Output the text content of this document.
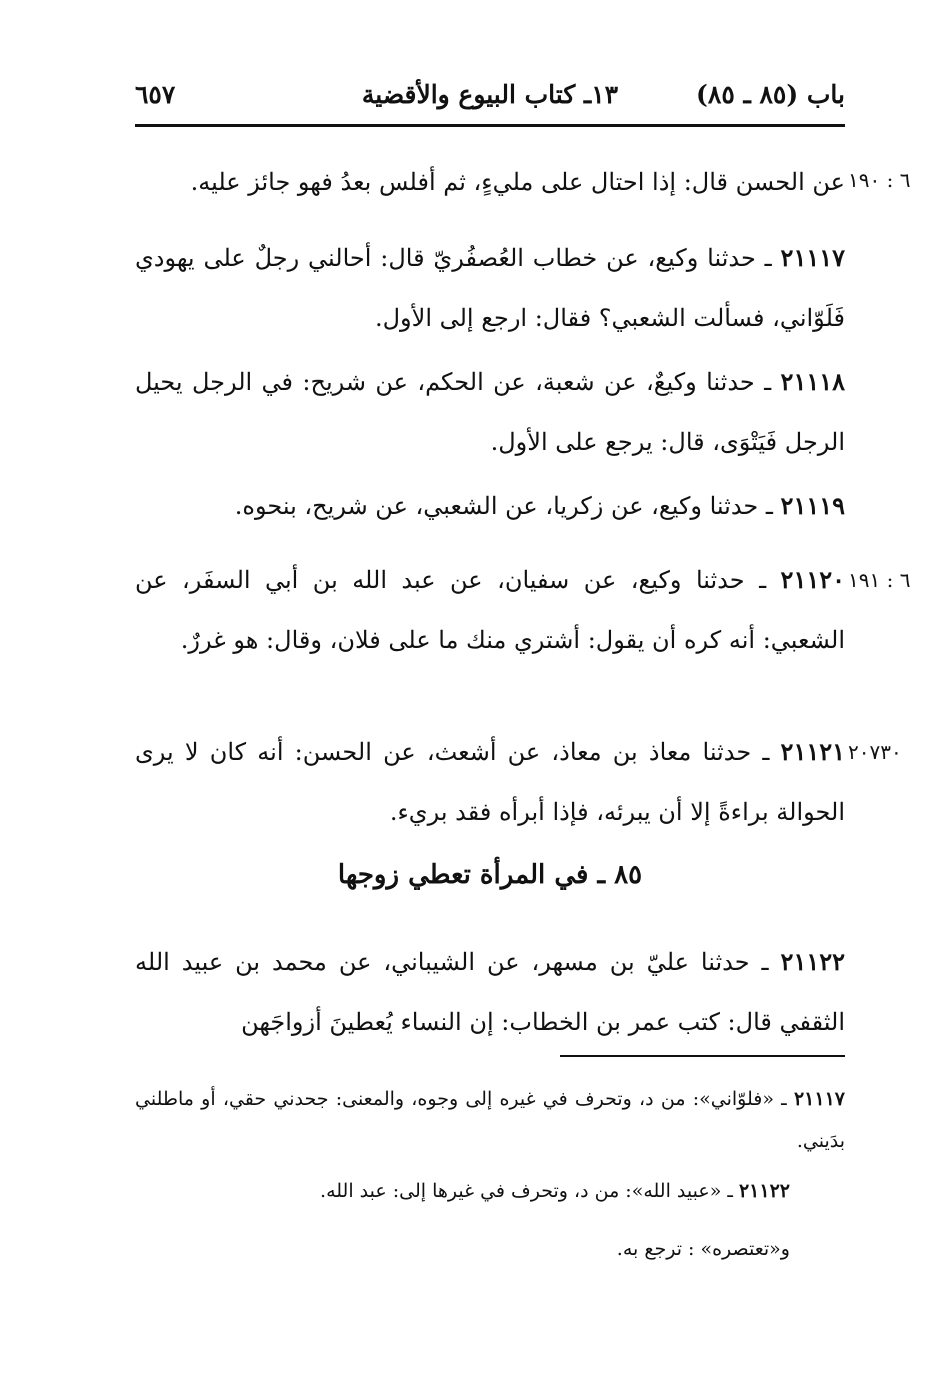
باب (٨٥ ـ ٨٥)
١٣ـ كتاب البيوع والأقضية
٦٥٧
٦ : ١٩٠
عن الحسن قال: إذا احتال على مليءٍ، ثم أفلس بعدُ فهو جائز عليه.
٢١١١٧ ـ حدثنا وكيع، عن خطاب العُصفُريّ قال: أحالني رجلٌ على يهودي فَلَوّاني، فسألت الشعبي؟ فقال: ارجع إلى الأول.
٢١١١٨ ـ حدثنا وكيعٌ، عن شعبة، عن الحكم، عن شريح: في الرجل يحيل الرجل فَيَتْوَى، قال: يرجع على الأول.
٢١١١٩ ـ حدثنا وكيع، عن زكريا، عن الشعبي، عن شريح، بنحوه.
٦ : ١٩١
٢١١٢٠ ـ حدثنا وكيع، عن سفيان، عن عبد الله بن أبي السفَر، عن الشعبي: أنه كره أن يقول: أشتري منك ما على فلان، وقال: هو غررٌ.
٢٠٧٣٠
٢١١٢١ ـ حدثنا معاذ بن معاذ، عن أشعث، عن الحسن: أنه كان لا يرى الحوالة براءةً إلا أن يبرئه، فإذا أبرأه فقد بريء.
٨٥ ـ في المرأة تعطي زوجها
٢١١٢٢ ـ حدثنا عليّ بن مسهر، عن الشيباني، عن محمد بن عبيد الله الثقفي قال: كتب عمر بن الخطاب: إن النساء يُعطينَ أزواجَهن
٢١١١٧ ـ «فلوّاني»: من د، وتحرف في غيره إلى وجوه، والمعنى: جحدني حقي، أو ماطلني بدَيني.
٢١١٢٢ ـ «عبيد الله»: من د، وتحرف في غيرها إلى: عبد الله.
و«تعتصره» : ترجع به.
